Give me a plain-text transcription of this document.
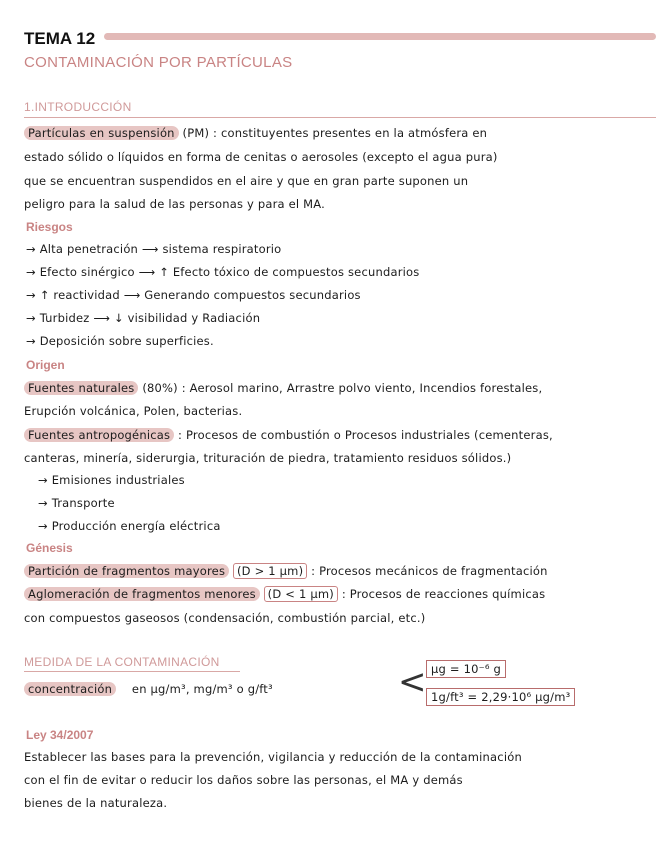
TEMA 12
CONTAMINACIÓN POR PARTÍCULAS
1.INTRODUCCIÓN
Partículas en suspensión (PM) : constituyentes presentes en la atmósfera en
estado sólido o líquidos en forma de cenitas o aerosoles (excepto el agua pura)
que se encuentran suspendidos en el aire y que en gran parte suponen un
peligro para la salud de las personas y para el MA.
Riesgos
→ Alta penetración ⟶ sistema respiratorio
→ Efecto sinérgico ⟶ ↑ Efecto tóxico de compuestos secundarios
→ ↑ reactividad ⟶ Generando compuestos secundarios
→ Turbidez ⟶ ↓ visibilidad y Radiación
→ Deposición sobre superficies.
Origen
Fuentes naturales (80%) : Aerosol marino, Arrastre polvo viento, Incendios forestales,
Erupción volcánica, Polen, bacterias.
Fuentes antropogénicas : Procesos de combustión o Procesos industriales (cementeras,
canteras, minería, siderurgia, trituración de piedra, tratamiento residuos sólidos.)
→ Emisiones industriales
→ Transporte
→ Producción energía eléctrica
Génesis
Partición de fragmentos mayores (D > 1 µm) : Procesos mecánicos de fragmentación
Aglomeración de fragmentos menores (D < 1 µm) : Procesos de reacciones químicas
con compuestos gaseosos (condensación, combustión parcial, etc.)
MEDIDA DE LA CONTAMINACIÓN
concentración en µg/m³, mg/m³ o g/ft³	< µg = 10⁻⁶ g
1g/ft³ = 2,29·10⁶ µg/m³
Ley 34/2007
Establecer las bases para la prevención, vigilancia y reducción de la contaminación
con el fin de evitar o reducir los daños sobre las personas, el MA y demás
bienes de la naturaleza.
